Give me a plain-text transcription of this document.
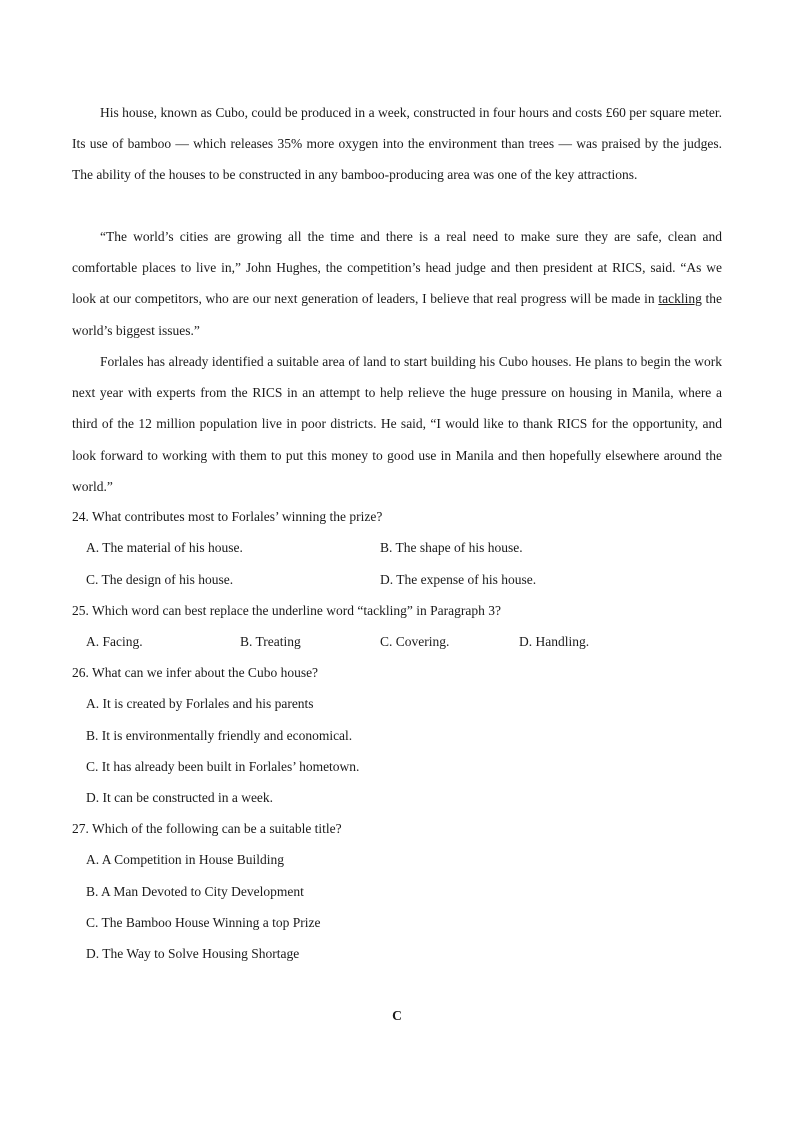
His house, known as Cubo, could be produced in a week, constructed in four hours and costs £60 per square meter. Its use of bamboo — which releases 35% more oxygen into the environment than trees — was praised by the judges. The ability of the houses to be constructed in any bamboo-producing area was one of the key attractions.

“The world’s cities are growing all the time and there is a real need to make sure they are safe, clean and comfortable places to live in,” John Hughes, the competition’s head judge and then president at RICS, said. “As we look at our competitors, who are our next generation of leaders, I believe that real progress will be made in tackling the world’s biggest issues.”

Forlales has already identified a suitable area of land to start building his Cubo houses. He plans to begin the work next year with experts from the RICS in an attempt to help relieve the huge pressure on housing in Manila, where a third of the 12 million population live in poor districts. He said, “I would like to thank RICS for the opportunity, and look forward to working with them to put this money to good use in Manila and then hopefully elsewhere around the world.”

24. What contributes most to Forlales’ winning the prize?

A. The material of his house.	B. The shape of his house.

C. The design of his house.	D. The expense of his house.

25. Which word can best replace the underline word “tackling” in Paragraph 3?

A. Facing.	B. Treating	C. Covering.	D. Handling.

26. What can we infer about the Cubo house?

A. It is created by Forlales and his parents

B. It is environmentally friendly and economical.

C. It has already been built in Forlales’ hometown.

D. It can be constructed in a week.

27. Which of the following can be a suitable title?

A. A Competition in House Building

B. A Man Devoted to City Development

C. The Bamboo House Winning a top Prize

D. The Way to Solve Housing Shortage

C
